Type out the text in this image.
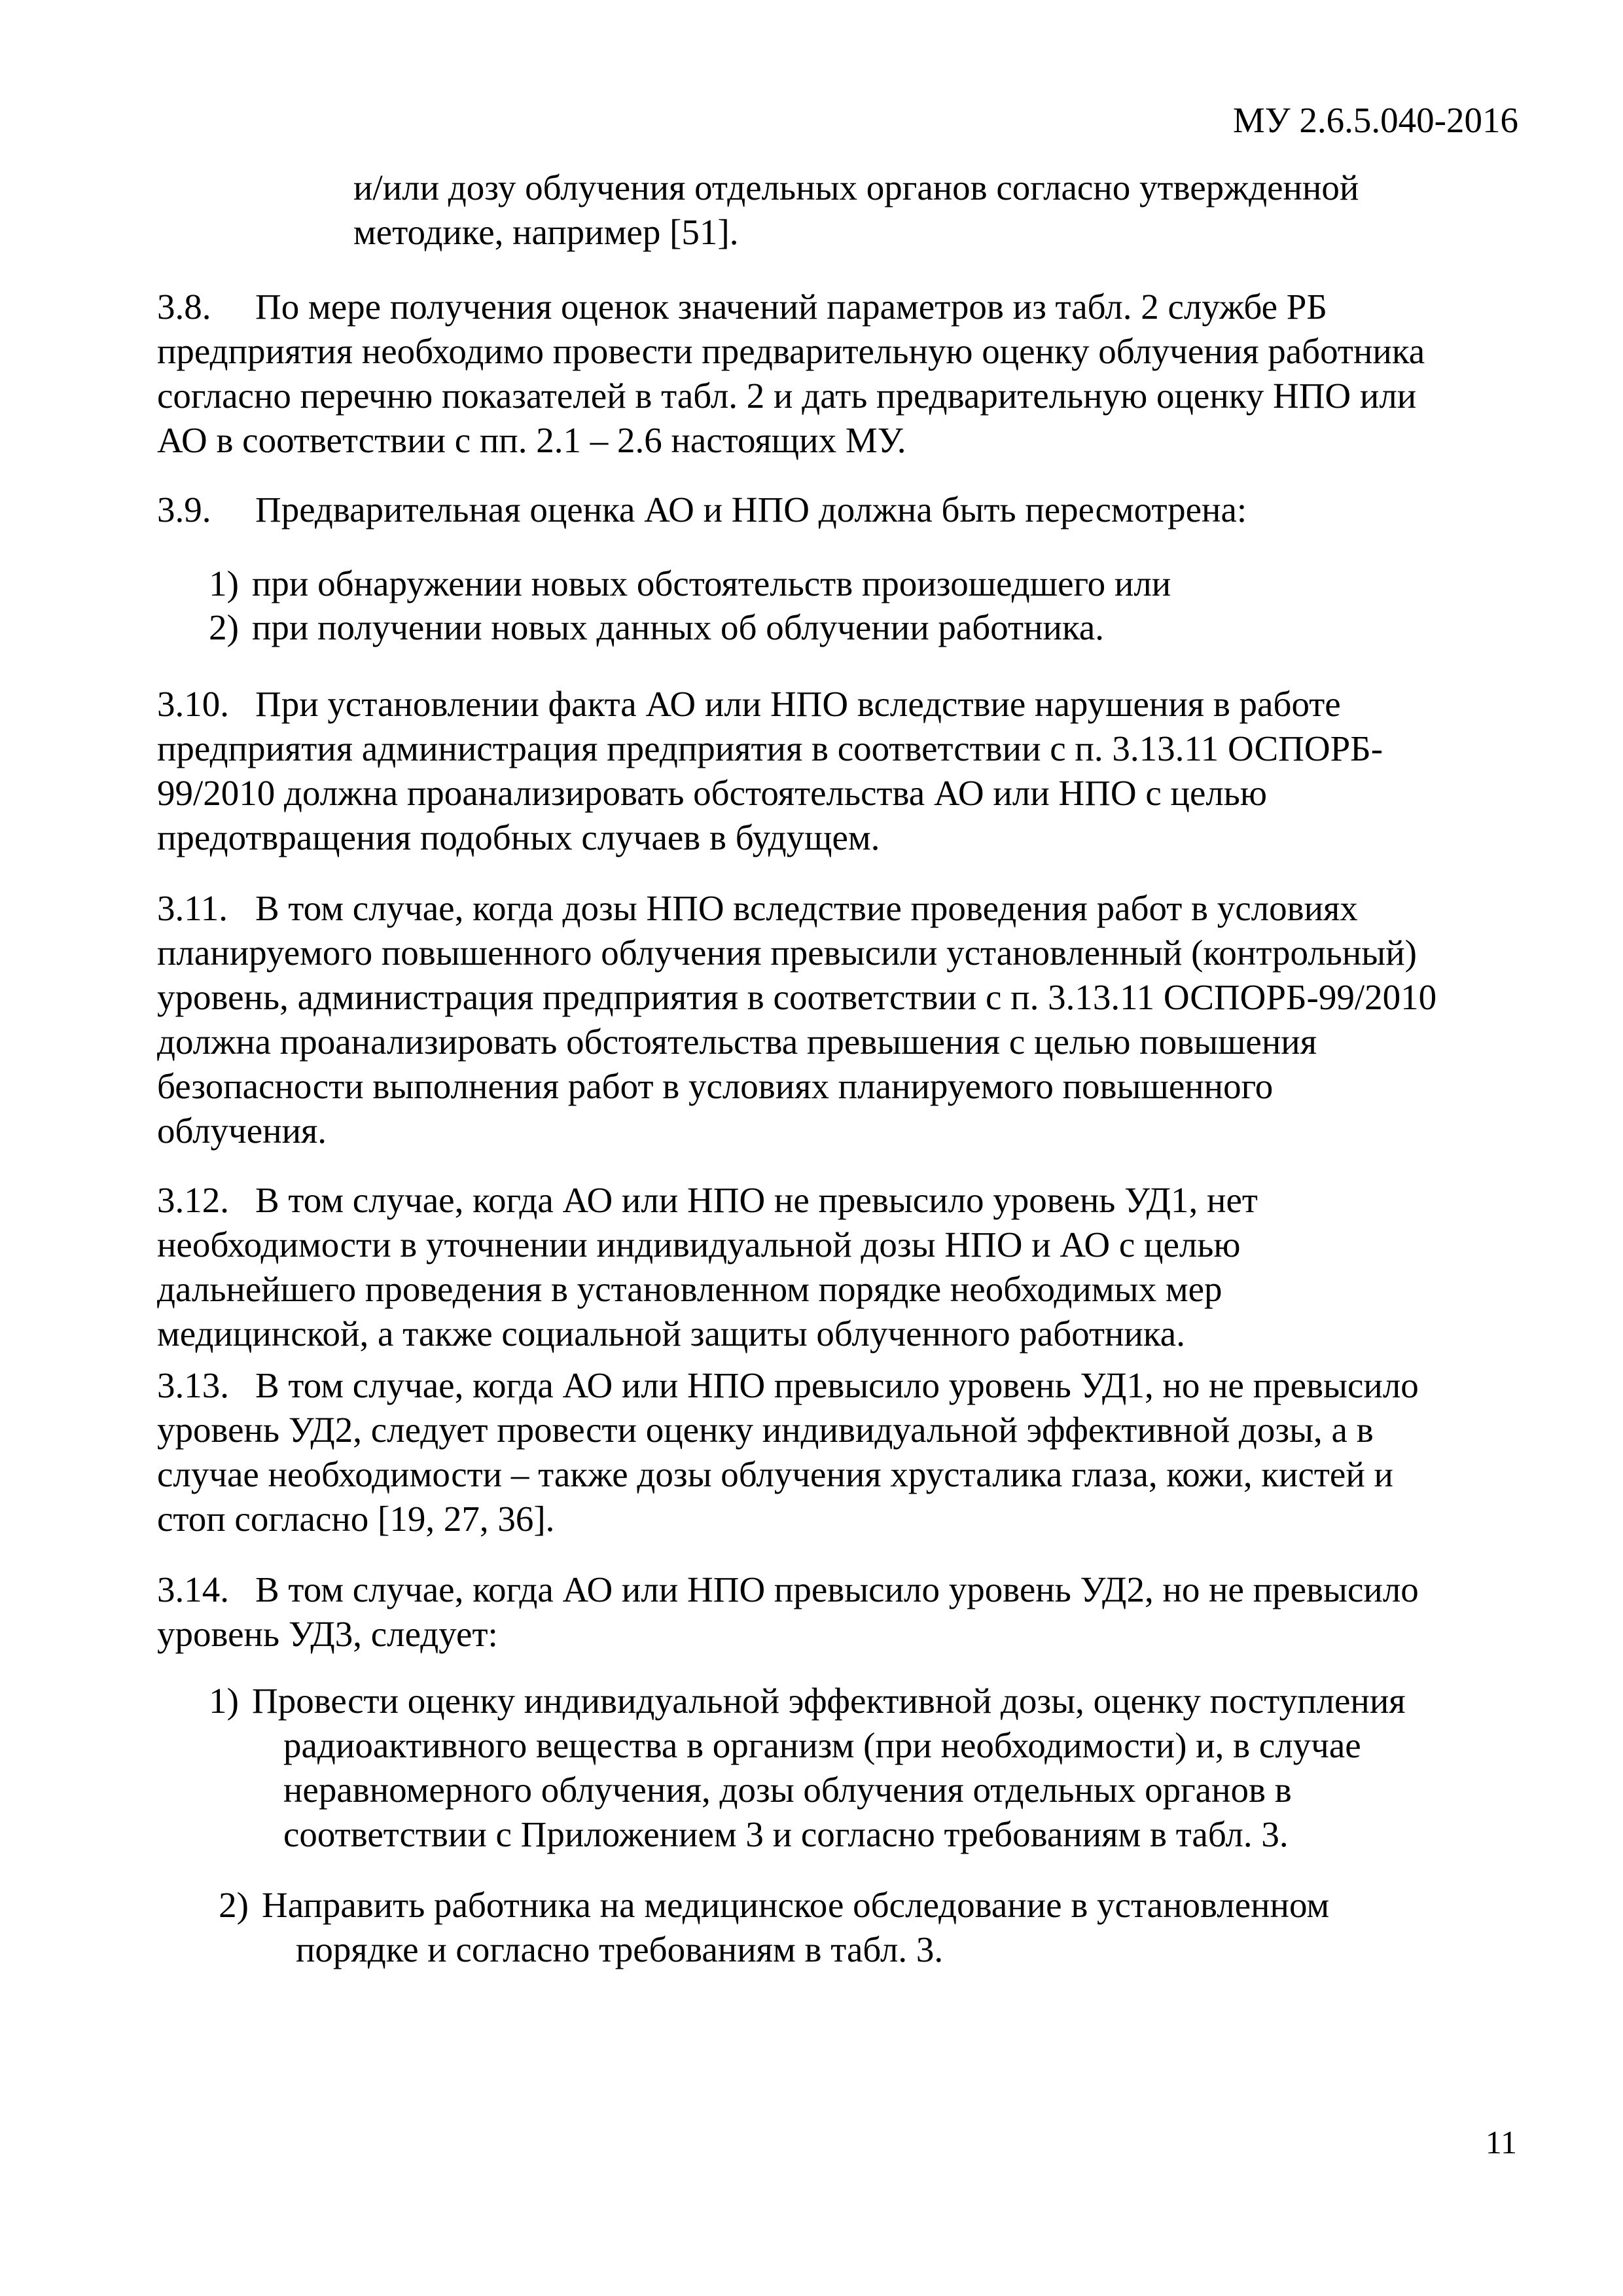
МУ 2.6.5.040-2016

и/или дозу облучения отдельных органов согласно утвержденной

методике, например [51].

3.8. По мере получения оценок значений параметров из табл. 2 службе РБ

предприятия необходимо провести предварительную оценку облучения работника

согласно перечню показателей в табл. 2 и дать предварительную оценку НПО или

АО в соответствии с пп. 2.1 – 2.6 настоящих МУ.

3.9. Предварительная оценка АО и НПО должна быть пересмотрена:

1) при обнаружении новых обстоятельств произошедшего или

2) при получении новых данных об облучении работника.

3.10. При установлении факта АО или НПО вследствие нарушения в работе

предприятия администрация предприятия в соответствии с п. 3.13.11 ОСПОРБ-

99/2010 должна проанализировать обстоятельства АО или НПО с целью

предотвращения подобных случаев в будущем.

3.11. В том случае, когда дозы НПО вследствие проведения работ в условиях

планируемого повышенного облучения превысили установленный (контрольный)

уровень, администрация предприятия в соответствии с п. 3.13.11 ОСПОРБ-99/2010

должна проанализировать обстоятельства превышения с целью повышения

безопасности выполнения работ в условиях планируемого повышенного

облучения.

3.12. В том случае, когда АО или НПО не превысило уровень УД1, нет

необходимости в уточнении индивидуальной дозы НПО и АО с целью

дальнейшего проведения в установленном порядке необходимых мер

медицинской, а также социальной защиты облученного работника.

3.13. В том случае, когда АО или НПО превысило уровень УД1, но не превысило

уровень УД2, следует провести оценку индивидуальной эффективной дозы, а в

случае необходимости – также дозы облучения хрусталика глаза, кожи, кистей и

стоп согласно [19, 27, 36].

3.14. В том случае, когда АО или НПО превысило уровень УД2, но не превысило

уровень УД3, следует:

1) Провести оценку индивидуальной эффективной дозы, оценку поступления

радиоактивного вещества в организм (при необходимости) и, в случае

неравномерного облучения, дозы облучения отдельных органов в

соответствии с Приложением 3 и согласно требованиям в табл. 3.

2) Направить работника на медицинское обследование в установленном

порядке и согласно требованиям в табл. 3.

11
